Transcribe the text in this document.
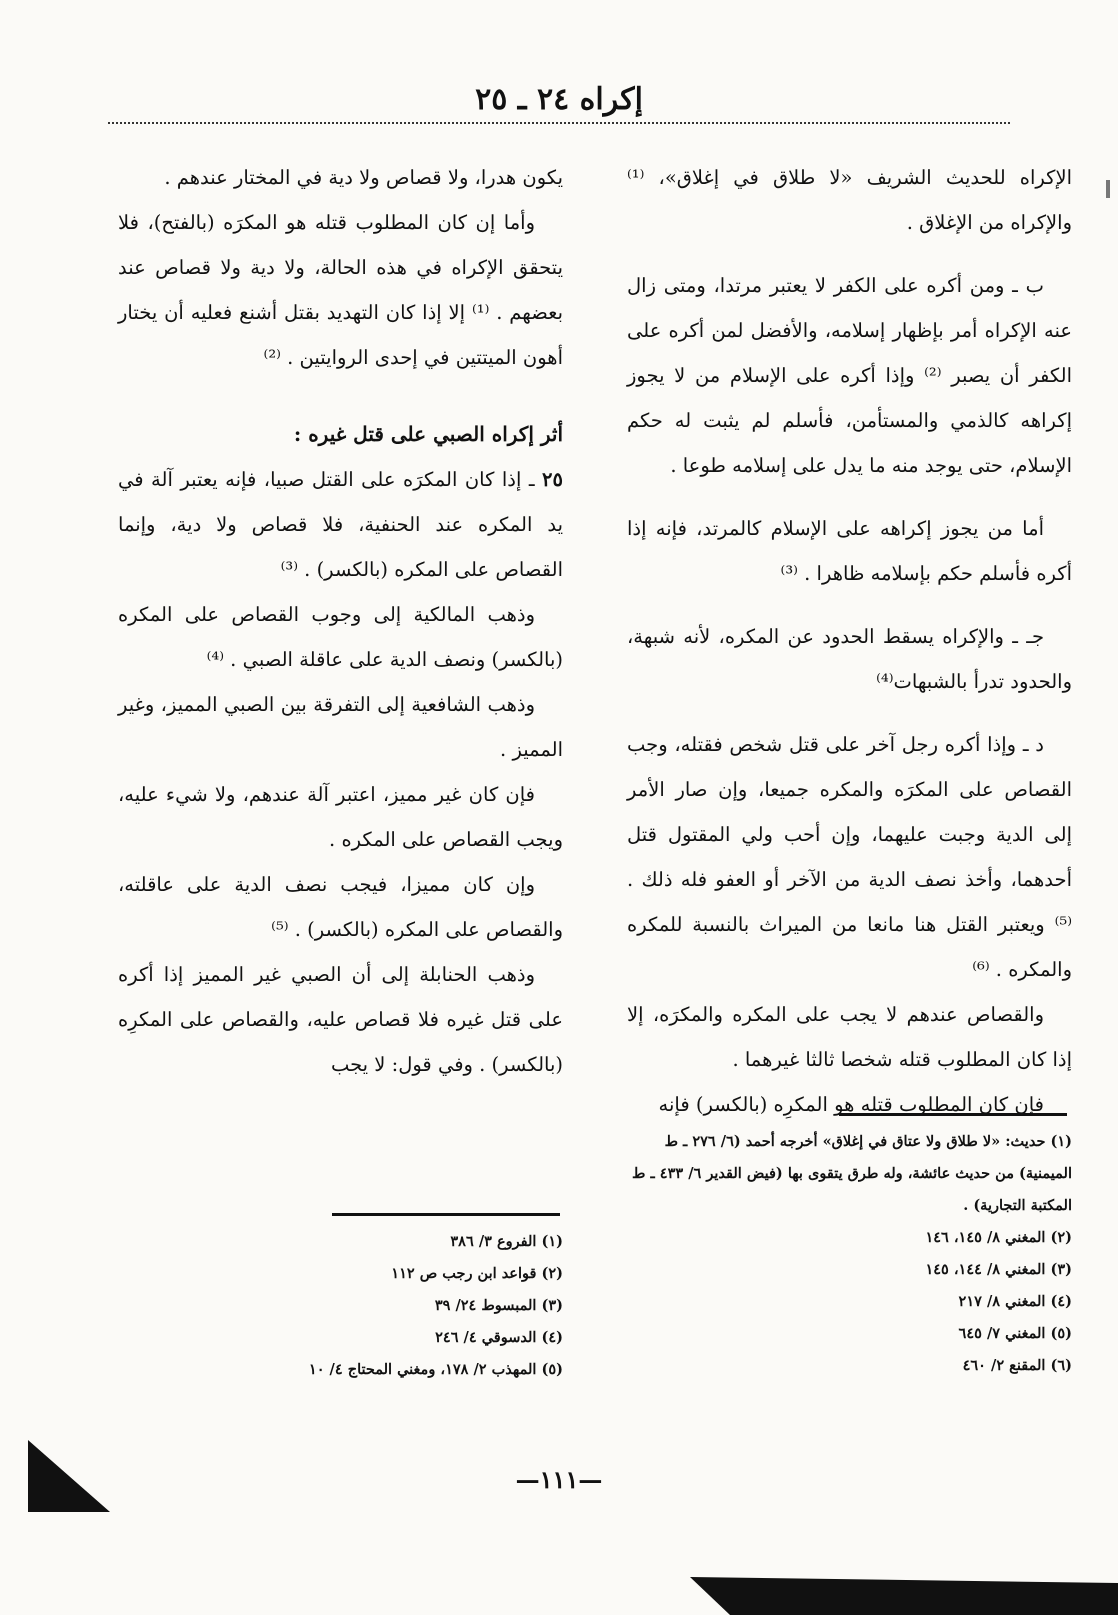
إكراه ٢٤ ـ ٢٥

الإكراه للحديث الشريف «لا طلاق في إغلاق»، ⁽¹⁾ والإكراه من الإغلاق .

ب ـ ومن أكره على الكفر لا يعتبر مرتدا، ومتى زال عنه الإكراه أمر بإظهار إسلامه، والأفضل لمن أكره على الكفر أن يصبر ⁽²⁾ وإذا أكره على الإسلام من لا يجوز إكراهه كالذمي والمستأمن، فأسلم لم يثبت له حكم الإسلام، حتى يوجد منه ما يدل على إسلامه طوعا .

أما من يجوز إكراهه على الإسلام كالمرتد، فإنه إذا أكره فأسلم حكم بإسلامه ظاهرا . ⁽³⁾

جـ ـ والإكراه يسقط الحدود عن المكره، لأنه شبهة، والحدود تدرأ بالشبهات⁽⁴⁾

د ـ وإذا أكره رجل آخر على قتل شخص فقتله، وجب القصاص على المكرَه والمكره جميعا، وإن صار الأمر إلى الدية وجبت عليهما، وإن أحب ولي المقتول قتل أحدهما، وأخذ نصف الدية من الآخر أو العفو فله ذلك . ⁽⁵⁾ ويعتبر القتل هنا مانعا من الميراث بالنسبة للمكره والمكره . ⁽⁶⁾

والقصاص عندهم لا يجب على المكره والمكرَه، إلا إذا كان المطلوب قتله شخصا ثالثا غيرهما .

فإن كان المطلوب قتله هو المكرِه (بالكسر) فإنه

(١) حديث: «لا طلاق ولا عتاق في إغلاق» أخرجه أحمد (٦/ ٢٧٦ ـ ط الميمنية) من حديث عائشة، وله طرق يتقوى بها (فيض القدير ٦/ ٤٣٣ ـ ط المكتبة التجارية) .
(٢) المغني ٨/ ١٤٥، ١٤٦
(٣) المغني ٨/ ١٤٤، ١٤٥
(٤) المغني ٨/ ٢١٧
(٥) المغني ٧/ ٦٤٥
(٦) المقنع ٢/ ٤٦٠

يكون هدرا، ولا قصاص ولا دية في المختار عندهم .

وأما إن كان المطلوب قتله هو المكرَه (بالفتح)، فلا يتحقق الإكراه في هذه الحالة، ولا دية ولا قصاص عند بعضهم . ⁽¹⁾ إلا إذا كان التهديد بقتل أشنع فعليه أن يختار أهون الميتتين في إحدى الروايتين . ⁽²⁾

أثر إكراه الصبي على قتل غيره :

٢٥ ـ إذا كان المكرَه على القتل صبيا، فإنه يعتبر آلة في يد المكره عند الحنفية، فلا قصاص ولا دية، وإنما القصاص على المكره (بالكسر) . ⁽³⁾

وذهب المالكية إلى وجوب القصاص على المكره (بالكسر) ونصف الدية على عاقلة الصبي . ⁽⁴⁾

وذهب الشافعية إلى التفرقة بين الصبي المميز، وغير المميز .

فإن كان غير مميز، اعتبر آلة عندهم، ولا شيء عليه، ويجب القصاص على المكره .

وإن كان مميزا، فيجب نصف الدية على عاقلته، والقصاص على المكره (بالكسر) . ⁽⁵⁾

وذهب الحنابلة إلى أن الصبي غير المميز إذا أكره على قتل غيره فلا قصاص عليه، والقصاص على المكرِه (بالكسر) . وفي قول: لا يجب

(١) الفروع ٣/ ٣٨٦
(٢) قواعد ابن رجب ص ١١٢
(٣) المبسوط ٢٤/ ٣٩
(٤) الدسوقي ٤/ ٢٤٦
(٥) المهذب ٢/ ١٧٨، ومغني المحتاج ٤/ ١٠
—١١١—
